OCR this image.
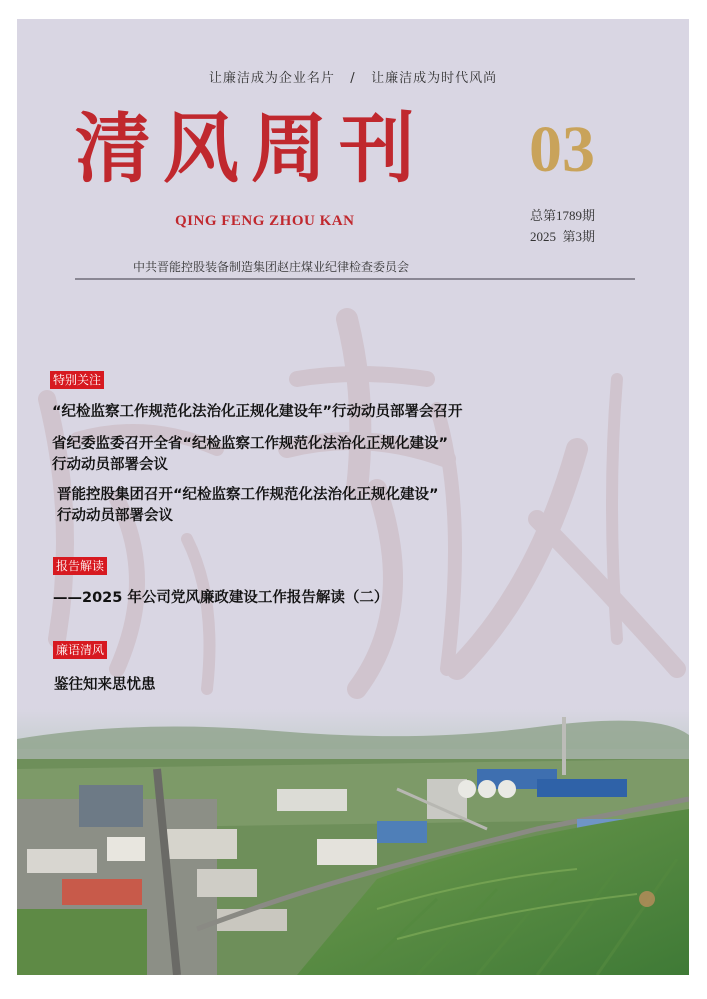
让廉洁成为企业名片   /   让廉洁成为时代风尚
清风周刊
QING FENG ZHOU KAN
03
总第1789期
2025  第3期
中共晋能控股装备制造集团赵庄煤业纪律检查委员会
特别关注

“纪检监察工作规范化法治化正规化建设年”行动动员部署会召开

省纪委监委召开全省“纪检监察工作规范化法治化正规化建设”
行动动员部署会议

晋能控股集团召开“纪检监察工作规范化法治化正规化建设”
行动动员部署会议

报告解读

——2025 年公司党风廉政建设工作报告解读（二）

廉语清风

鉴往知来思忧患
